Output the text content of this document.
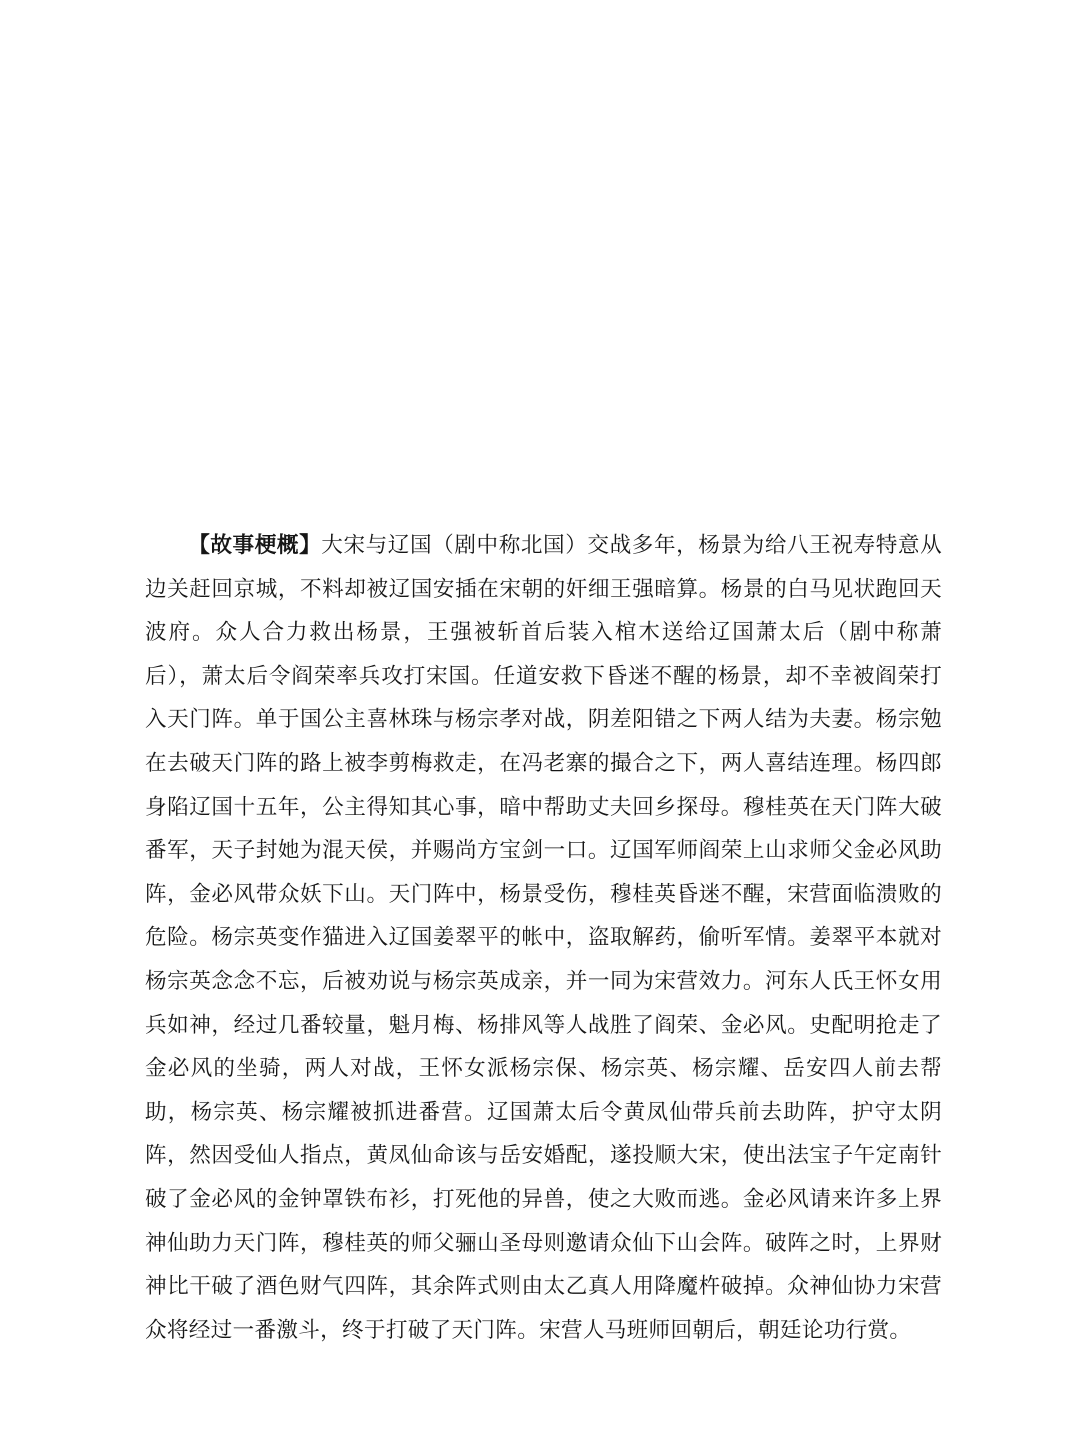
【故事梗概】大宋与辽国（剧中称北国）交战多年，杨景为给八王祝寿特意从边关赶回京城，不料却被辽国安插在宋朝的奸细王强暗算。杨景的白马见状跑回天波府。众人合力救出杨景，王强被斩首后装入棺木送给辽国萧太后（剧中称萧后），萧太后令阎荣率兵攻打宋国。任道安救下昏迷不醒的杨景，却不幸被阎荣打入天门阵。单于国公主喜林珠与杨宗孝对战，阴差阳错之下两人结为夫妻。杨宗勉在去破天门阵的路上被李剪梅救走，在冯老寨的撮合之下，两人喜结连理。杨四郎身陷辽国十五年，公主得知其心事，暗中帮助丈夫回乡探母。穆桂英在天门阵大破番军，天子封她为混天侯，并赐尚方宝剑一口。辽国军师阎荣上山求师父金必风助阵，金必风带众妖下山。天门阵中，杨景受伤，穆桂英昏迷不醒，宋营面临溃败的危险。杨宗英变作猫进入辽国姜翠平的帐中，盗取解药，偷听军情。姜翠平本就对杨宗英念念不忘，后被劝说与杨宗英成亲，并一同为宋营效力。河东人氏王怀女用兵如神，经过几番较量，魁月梅、杨排风等人战胜了阎荣、金必风。史配明抢走了金必风的坐骑，两人对战，王怀女派杨宗保、杨宗英、杨宗耀、岳安四人前去帮助，杨宗英、杨宗耀被抓进番营。辽国萧太后令黄凤仙带兵前去助阵，护守太阴阵，然因受仙人指点，黄凤仙命该与岳安婚配，遂投顺大宋，使出法宝子午定南针破了金必风的金钟罩铁布衫，打死他的异兽，使之大败而逃。金必风请来许多上界神仙助力天门阵，穆桂英的师父骊山圣母则邀请众仙下山会阵。破阵之时，上界财神比干破了酒色财气四阵，其余阵式则由太乙真人用降魔杵破掉。众神仙协力宋营众将经过一番激斗，终于打破了天门阵。宋营人马班师回朝后，朝廷论功行赏。
